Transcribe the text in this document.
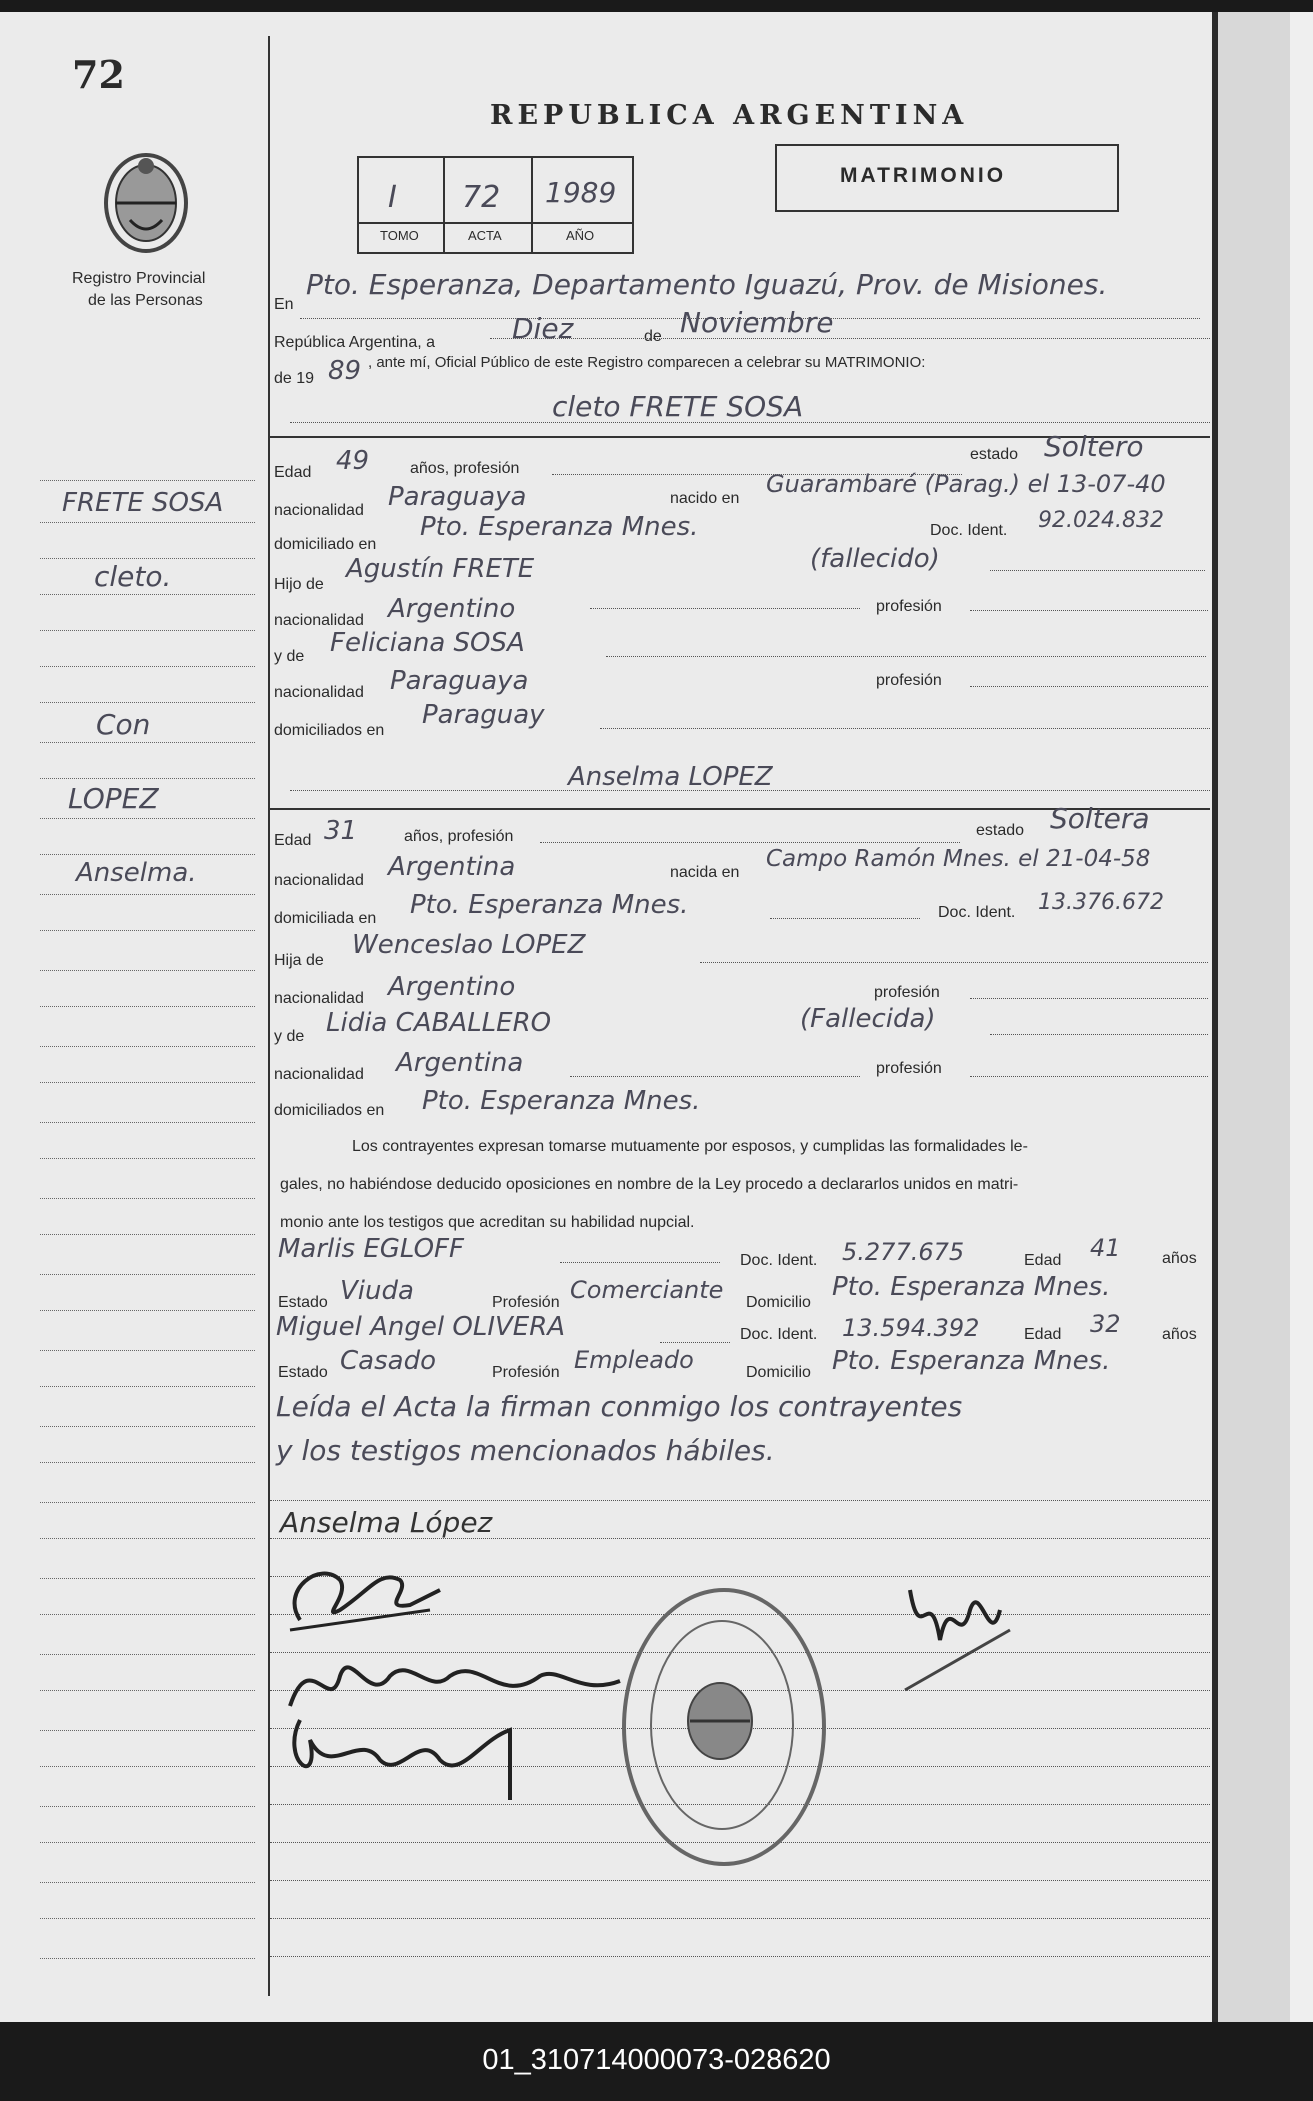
72
Registro Provincial
de las Personas
REPUBLICA ARGENTINA
MATRIMONIO
I 72 1989
TOMO	ACTA	AÑO
En
Pto. Esperanza, Departamento Iguazú, Prov. de Misiones.
República Argentina, a	Diez	de Noviembre
de 19 89 , ante mí, Oficial Público de este Registro comparecen a celebrar su MATRIMONIO:
cleto FRETE SOSA
Edad 49	años, profesión
estado Soltero
nacionalidad Paraguaya	nacido en
Guarambaré (Parag.) el 13-07-40
domiciliado en
Pto. Esperanza Mnes.	Doc. Ident. 92.024.832
Hijo de
Agustín FRETE	(fallecido)
nacionalidad Argentino	profesión
y de Feliciana SOSA
nacionalidad Paraguaya	profesión
domiciliados en
Paraguay
Anselma LOPEZ
Edad 31	años, profesión	estado Soltera
nacionalidad Argentina	nacida en
Campo Ramón Mnes. el 21-04-58
domiciliada en Pto. Esperanza Mnes.	Doc. Ident. 13.376.672
Hija de
Wenceslao LOPEZ
nacionalidad Argentino	profesión
y de Lidia CABALLERO	(Fallecida)
nacionalidad Argentina	profesión
domiciliados en Pto. Esperanza Mnes.
Los contrayentes expresan tomarse mutuamente por esposos, y cumplidas las formalidades le-
gales, no habiéndose deducido oposiciones en nombre de la Ley procedo a declararlos unidos en matri-
monio ante los testigos que acreditan su habilidad nupcial.
Marlis EGLOFF	Doc. Ident. 5.277.675	Edad 41	años
Estado Viuda	Profesión Comerciante Domicilio
Pto. Esperanza Mnes.
Miguel Angel OLIVERA	Doc. Ident. 13.594.392	Edad 32	años
Estado Casado	Profesión Empleado	Domicilio Pto. Esperanza Mnes.
Leída el Acta la firman conmigo los contrayentes
y los testigos mencionados hábiles.
Anselma López
FRETE SOSA
cleto.
Con
LOPEZ
Anselma.
01_310714000073-028620
